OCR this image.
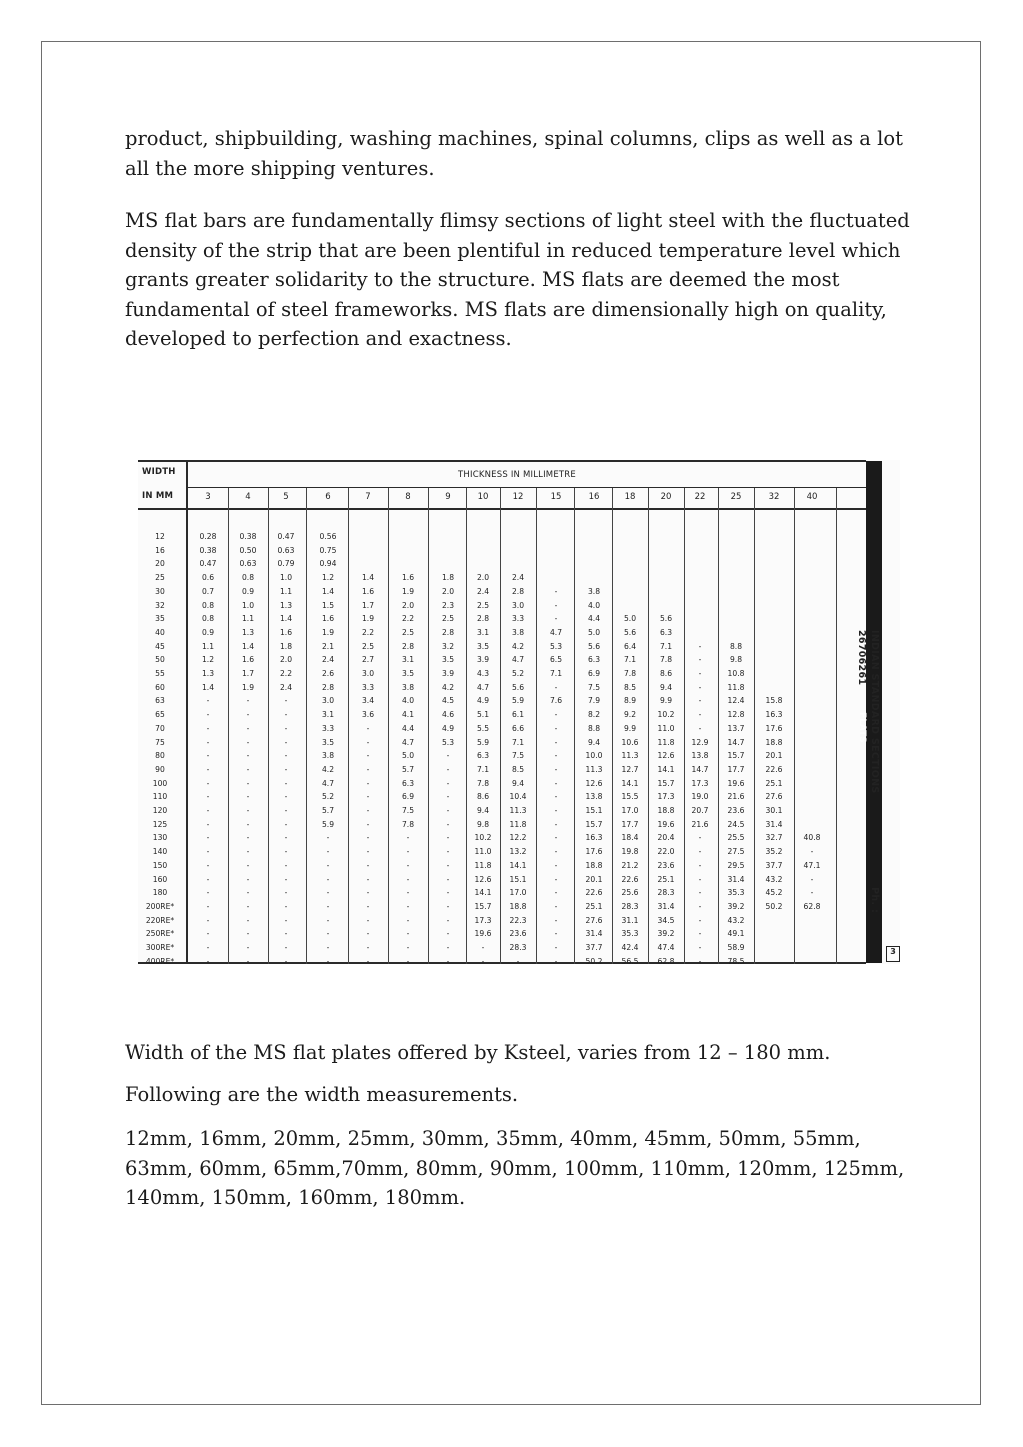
product, shipbuilding, washing machines, spinal columns, clips as well as a lot all the more shipping ventures.

MS flat bars are fundamentally flimsy sections of light steel with the fluctuated density of the strip that are been plentiful in reduced temperature level which grants greater solidarity to the structure. MS flats are deemed the most fundamental of steel frameworks. MS flats are dimensionally high on quality, developed to perfection and exactness.

WIDTH
IN MM
THICKNESS IN MILLIMETRE
12
16
20
25
30
32
35
40
45
50
55
60
63
65
70
75
80
90
100
110
120
125
130
140
150
160
180
200RE*
220RE*
250RE*
300RE*
400RE*
3
0.28
0.38
0.47
0.6
0.7
0.8
0.8
0.9
1.1
1.2
1.3
1.4
-
-
-
-
-
-
-
-
-
-
-
-
-
-
-
-
-
-
-
-
4
0.38
0.50
0.63
0.8
0.9
1.0
1.1
1.3
1.4
1.6
1.7
1.9
-
-
-
-
-
-
-
-
-
-
-
-
-
-
-
-
-
-
-
-
5
0.47
0.63
0.79
1.0
1.1
1.3
1.4
1.6
1.8
2.0
2.2
2.4
-
-
-
-
-
-
-
-
-
-
-
-
-
-
-
-
-
-
-
-
6
0.56
0.75
0.94
1.2
1.4
1.5
1.6
1.9
2.1
2.4
2.6
2.8
3.0
3.1
3.3
3.5
3.8
4.2
4.7
5.2
5.7
5.9
-
-
-
-
-
-
-
-
-
-
7

1.4
1.6
1.7
1.9
2.2
2.5
2.7
3.0
3.3
3.4
3.6
-
-
-
-
-
-
-
-
-
-
-
-
-
-
-
-
-
-
8

1.6
1.9
2.0
2.2
2.5
2.8
3.1
3.5
3.8
4.0
4.1
4.4
4.7
5.0
5.7
6.3
6.9
7.5
7.8
-
-
-
-
-
-
-
-
-
-
9

1.8
2.0
2.3
2.5
2.8
3.2
3.5
3.9
4.2
4.5
4.6
4.9
5.3
-
-
-
-
-
-
-
-
-
-
-
-
-
-
-
-
10

2.0
2.4
2.5
2.8
3.1
3.5
3.9
4.3
4.7
4.9
5.1
5.5
5.9
6.3
7.1
7.8
8.6
9.4
9.8
10.2
11.0
11.8
12.6
14.1
15.7
17.3
19.6
-
-
12

2.4
2.8
3.0
3.3
3.8
4.2
4.7
5.2
5.6
5.9
6.1
6.6
7.1
7.5
8.5
9.4
10.4
11.3
11.8
12.2
13.2
14.1
15.1
17.0
18.8
22.3
23.6
28.3
-
15

-
-
-
4.7
5.3
6.5
7.1
-
7.6
-
-
-
-
-
-
-
-
-
-
-
-
-
-
-
-
-
-
-
16

3.8
4.0
4.4
5.0
5.6
6.3
6.9
7.5
7.9
8.2
8.8
9.4
10.0
11.3
12.6
13.8
15.1
15.7
16.3
17.6
18.8
20.1
22.6
25.1
27.6
31.4
37.7
50.2
18

5.0
5.6
6.4
7.1
7.8
8.5
8.9
9.2
9.9
10.6
11.3
12.7
14.1
15.5
17.0
17.7
18.4
19.8
21.2
22.6
25.6
28.3
31.1
35.3
42.4
56.5
20

5.6
6.3
7.1
7.8
8.6
9.4
9.9
10.2
11.0
11.8
12.6
14.1
15.7
17.3
18.8
19.6
20.4
22.0
23.6
25.1
28.3
31.4
34.5
39.2
47.4
62.8
22

-
-
-
-
-
-
-
12.9
13.8
14.7
17.3
19.0
20.7
21.6
-
-
-
-
-
-
-
-
-
-
25

8.8
9.8
10.8
11.8
12.4
12.8
13.7
14.7
15.7
17.7
19.6
21.6
23.6
24.5
25.5
27.5
29.5
31.4
35.3
39.2
43.2
49.1
58.9
78.5
32

15.8
16.3
17.6
18.8
20.1
22.6
25.1
27.6
30.1
31.4
32.7
35.2
37.7
43.2
45.2
50.2
40

40.8
-
47.1
-
-
62.8
INDIAN STANDARD SECTIONS Ph. : 26706261
FLATS
3

Width of the MS flat plates offered by Ksteel, varies from 12 – 180 mm.

Following are the width measurements.

12mm, 16mm, 20mm, 25mm, 30mm, 35mm, 40mm, 45mm, 50mm, 55mm, 63mm, 60mm, 65mm,70mm, 80mm, 90mm, 100mm, 110mm, 120mm, 125mm, 140mm, 150mm, 160mm, 180mm.
